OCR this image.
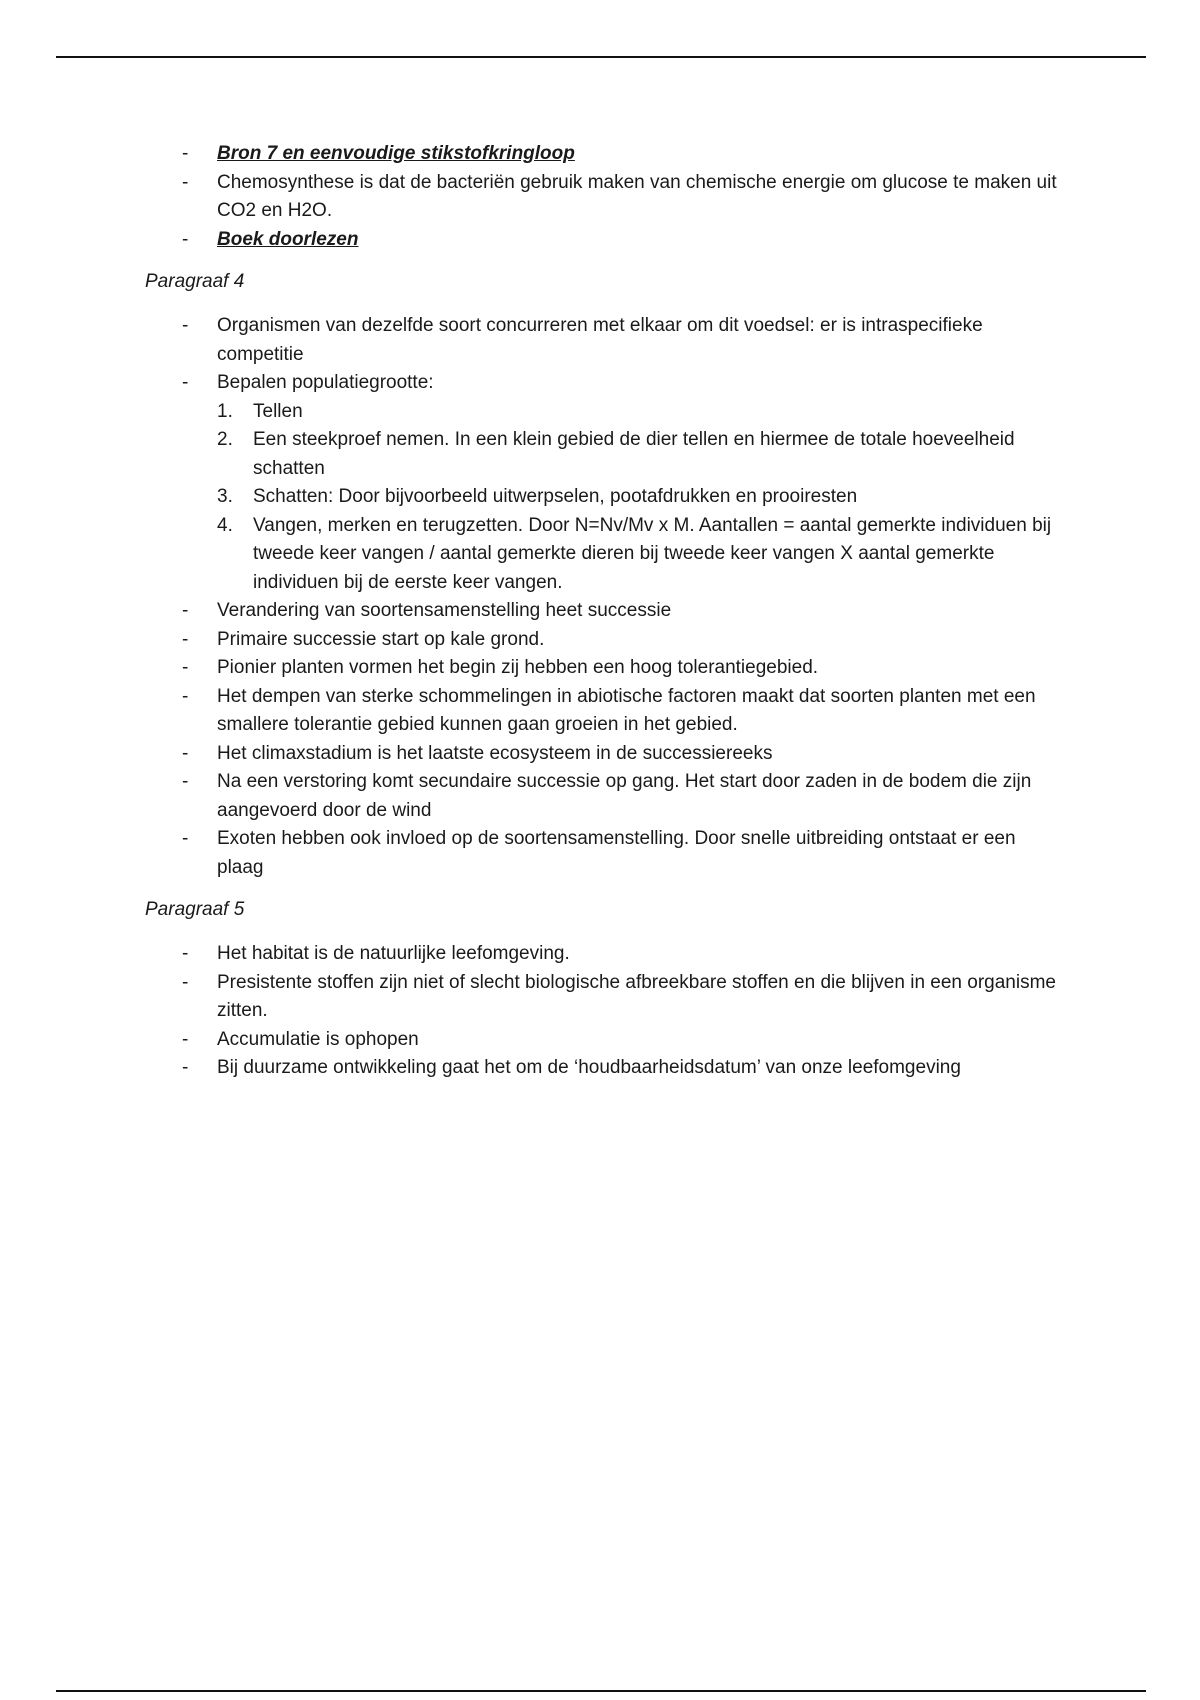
- Bron 7 en eenvoudige stikstofkringloop
- Chemosynthese is dat de bacteriën gebruik maken van chemische energie om glucose te maken uit CO2 en H2O.
- Boek doorlezen
Paragraaf 4
- Organismen van dezelfde soort concurreren met elkaar om dit voedsel: er is intraspecifieke competitie
- Bepalen populatiegrootte:
1. Tellen
2. Een steekproef nemen. In een klein gebied de dier tellen en hiermee de totale hoeveelheid schatten
3. Schatten: Door bijvoorbeeld uitwerpselen, pootafdrukken en prooiresten
4. Vangen, merken en terugzetten. Door N=Nv/Mv x M. Aantallen = aantal gemerkte individuen bij tweede keer vangen / aantal gemerkte dieren bij tweede keer vangen X aantal gemerkte individuen bij de eerste keer vangen.
- Verandering van soortensamenstelling heet successie
- Primaire successie start op kale grond.
- Pionier planten vormen het begin zij hebben een hoog tolerantiegebied.
- Het dempen van sterke schommelingen in abiotische factoren maakt dat soorten planten met een smallere tolerantie gebied kunnen gaan groeien in het gebied.
- Het climaxstadium is het laatste ecosysteem in de successiereeks
- Na een verstoring komt secundaire successie op gang. Het start door zaden in de bodem die zijn aangevoerd door de wind
- Exoten hebben ook invloed op de soortensamenstelling. Door snelle uitbreiding ontstaat er een plaag
Paragraaf 5
- Het habitat is de natuurlijke leefomgeving.
- Presistente stoffen zijn niet of slecht biologische afbreekbare stoffen en die blijven in een organisme zitten.
- Accumulatie is ophopen
- Bij duurzame ontwikkeling gaat het om de ‘houdbaarheidsdatum’ van onze leefomgeving
